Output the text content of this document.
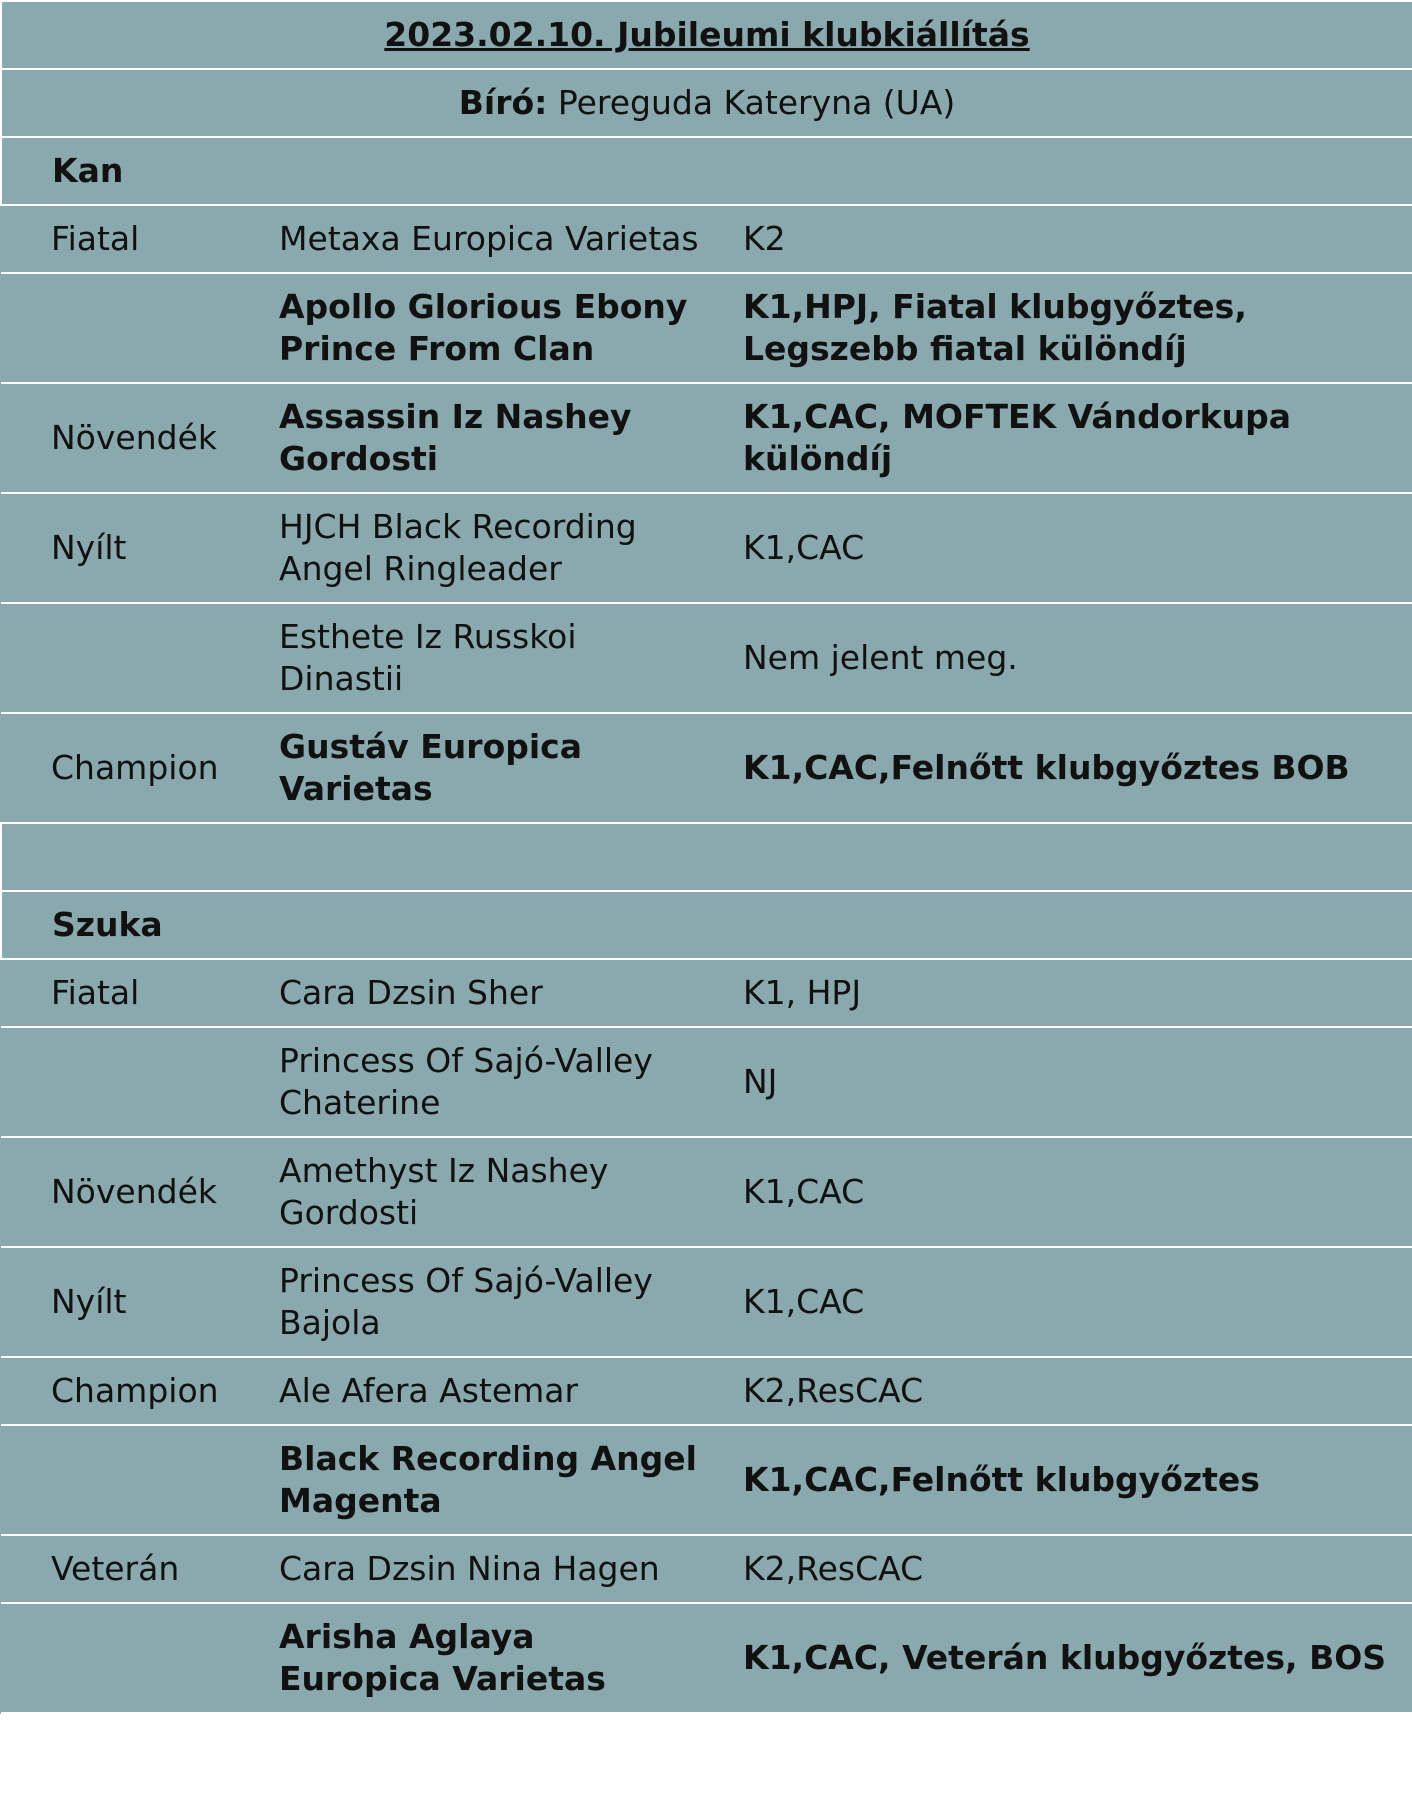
2023.02.10. Jubileumi klubkiállítás		
Bíró: Pereguda Kateryna (UA)		
Kan		
Fiatal	Metaxa Europica Varietas	K2
	Apollo Glorious Ebony Prince From Clan	K1,HPJ, Fiatal klubgyőztes, Legszebb fiatal különdíj
Növendék	Assassin Iz Nashey Gordosti	K1,CAC, MOFTEK Vándorkupa különdíj
Nyílt	HJCH Black Recording Angel Ringleader	K1,CAC
	Esthete Iz Russkoi Dinastii	Nem jelent meg.
Champion	Gustáv Europica Varietas	K1,CAC,Felnőtt klubgyőztes BOB

Szuka		
Fiatal	Cara Dzsin Sher	K1, HPJ
	Princess Of Sajó-Valley Chaterine	NJ
Növendék	Amethyst Iz Nashey Gordosti	K1,CAC
Nyílt	Princess Of Sajó-Valley Bajola	K1,CAC
Champion	Ale Afera Astemar	K2,ResCAC
	Black Recording Angel Magenta	K1,CAC,Felnőtt klubgyőztes
Veterán	Cara Dzsin Nina Hagen	K2,ResCAC
	Arisha Aglaya Europica Varietas	K1,CAC, Veterán klubgyőztes, BOS
